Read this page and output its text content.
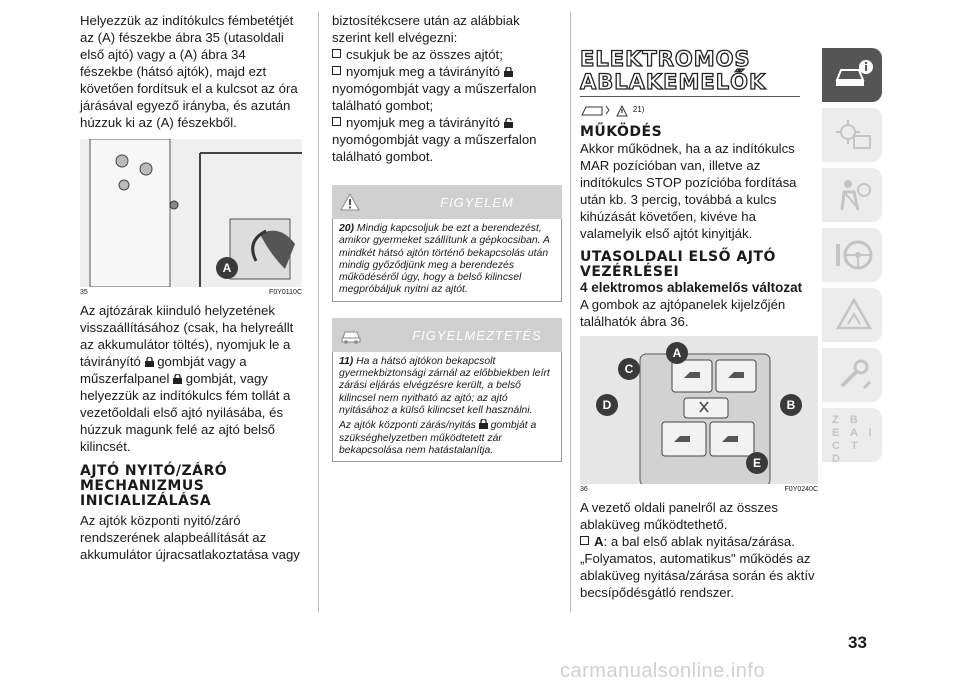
Helyezzük az indítókulcs fémbetétjét az (A) fészekbe ábra 35 (utasoldali első ajtó) vagy a (A) ábra 34 fészekbe (hátsó ajtók), majd ezt követően fordítsuk el a kulcsot az óra járásával egyező irányba, és azután húzzuk ki az (A) fészekből.

A
35	F0Y0110C

Az ajtózárak kiinduló helyzetének visszaállításához (csak, ha helyreállt az akkumulátor töltés), nyomjuk le a távirányító gombját vagy a műszerfalpanel gombját, vagy helyezzük az indítókulcs fém tollát a vezetőoldali első ajtó nyilásába, és húzzuk magunk felé az ajtó belső kilincsét.

AJTÓ NYITÓ/ZÁRÓ MECHANIZMUS INICIALIZÁLÁSA

Az ajtók központi nyitó/záró rendszerének alapbeállítását az akkumulátor újracsatlakoztatása vagy

biztosítékcsere után az alábbiak szerint kell elvégezni:

csukjuk be az összes ajtót;

nyomjuk meg a távirányító  nyomógombját vagy a műszerfalon található gombot;

nyomjuk meg a távirányító  nyomógombját vagy a műszerfalon található gombot.

FIGYELEM

20) Mindig kapcsoljuk be ezt a berendezést, amikor gyermeket szállítunk a gépkocsiban. A mindkét hátsó ajtón történő bekapcsolás után mindig győződjünk meg a berendezés működéséről úgy, hogy a belső kilincsel megpróbáljuk nyitni az ajtót.

FIGYELMEZTETÉS

11) Ha a hátsó ajtókon bekapcsolt gyermekbiztonsági zárnál az előbbiekben leírt zárási eljárás elvégzésre került, a belső kilincsel nem nyitható az ajtó; az ajtó nyitásához a külső kilincset kell használni.

Az ajtók központi zárás/nyitás gombját a szükséghelyzetben működtetett zár bekapcsolása nem hatástalanítja.

ELEKTROMOS ABLAKEMELŐK
$^{21)}$
MŰKÖDÉS

Akkor működnek, ha a az indítókulcs MAR pozícióban van, illetve az indítókulcs STOP pozícióba fordítása után kb. 3 percig, továbbá a kulcs kihúzását követően, kivéve ha valamelyik első ajtót kinyitják.

UTASOLDALI ELSŐ AJTÓ VEZÉRLÉSEI

4 elektromos ablakemelős változat

A gombok az ajtópanelek kijelzőjén találhatók ábra 36.

A
B
C
D
E
36	F0Y0240C

A vezető oldali panelről az összes ablaküveg működtethető.

A: a bal első ablak nyitása/zárása. „Folyamatos, automatikus" működés az ablaküveg nyitása/zárása során és aktív becsípődésgátló rendszer.

Z B E A I C T D
33
carmanualsonline.info
